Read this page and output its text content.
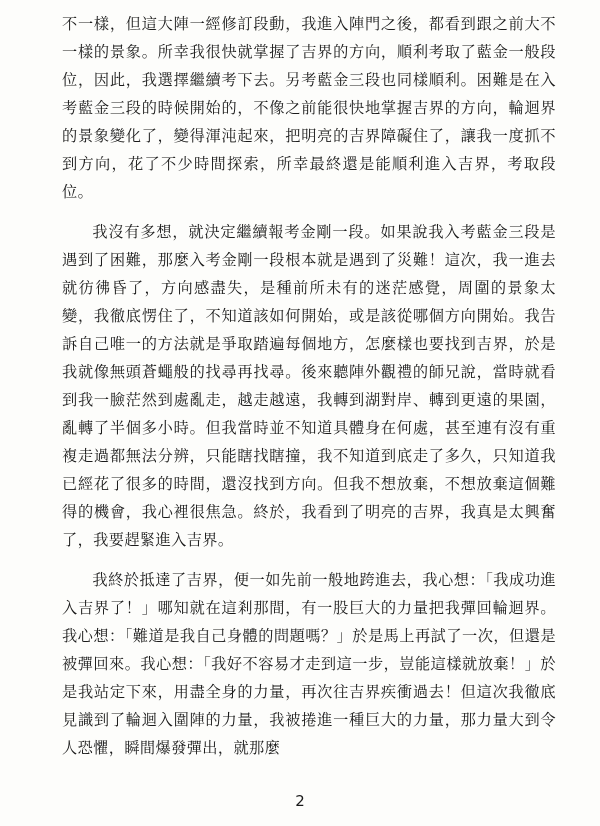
不一樣，但這大陣一經修訂段動，我進入陣門之後，都看到跟之前大不一樣的景象。所幸我很快就掌握了吉界的方向，順利考取了藍金一般段位，因此，我選擇繼續考下去。另考藍金三段也同樣順利。困難是在入考藍金三段的時候開始的，不像之前能很快地掌握吉界的方向，輪迴界的景象變化了，變得渾沌起來，把明亮的吉界障礙住了，讓我一度抓不到方向，花了不少時間探索，所幸最終還是能順利進入吉界，考取段位。

我沒有多想，就決定繼續報考金剛一段。如果說我入考藍金三段是遇到了困難，那麼入考金剛一段根本就是遇到了災難！這次，我一進去就彷彿昏了，方向感盡失，是種前所未有的迷茫感覺，周圍的景象太變，我徹底愣住了，不知道該如何開始，或是該從哪個方向開始。我告訴自己唯一的方法就是爭取踏遍每個地方，怎麼樣也要找到吉界，於是我就像無頭蒼蠅般的找尋再找尋。後來聽陣外觀禮的師兄說，當時就看到我一臉茫然到處亂走，越走越遠，我轉到湖對岸、轉到更遠的果園，亂轉了半個多小時。但我當時並不知道具體身在何處，甚至連有沒有重複走過都無法分辨，只能瞎找瞎撞，我不知道到底走了多久，只知道我已經花了很多的時間，還沒找到方向。但我不想放棄，不想放棄這個難得的機會，我心裡很焦急。終於，我看到了明亮的吉界，我真是太興奮了，我要趕緊進入吉界。

我終於抵達了吉界，便一如先前一般地跨進去，我心想：「我成功進入吉界了！」哪知就在這剎那間，有一股巨大的力量把我彈回輪迴界。我心想：「難道是我自己身體的問題嗎？」於是馬上再試了一次，但還是被彈回來。我心想：「我好不容易才走到這一步，豈能這樣就放棄！」於是我站定下來，用盡全身的力量，再次往吉界疾衝過去！但這次我徹底見識到了輪迴入圍陣的力量，我被捲進一種巨大的力量，那力量大到令人恐懼，瞬間爆發彈出，就那麼

2
